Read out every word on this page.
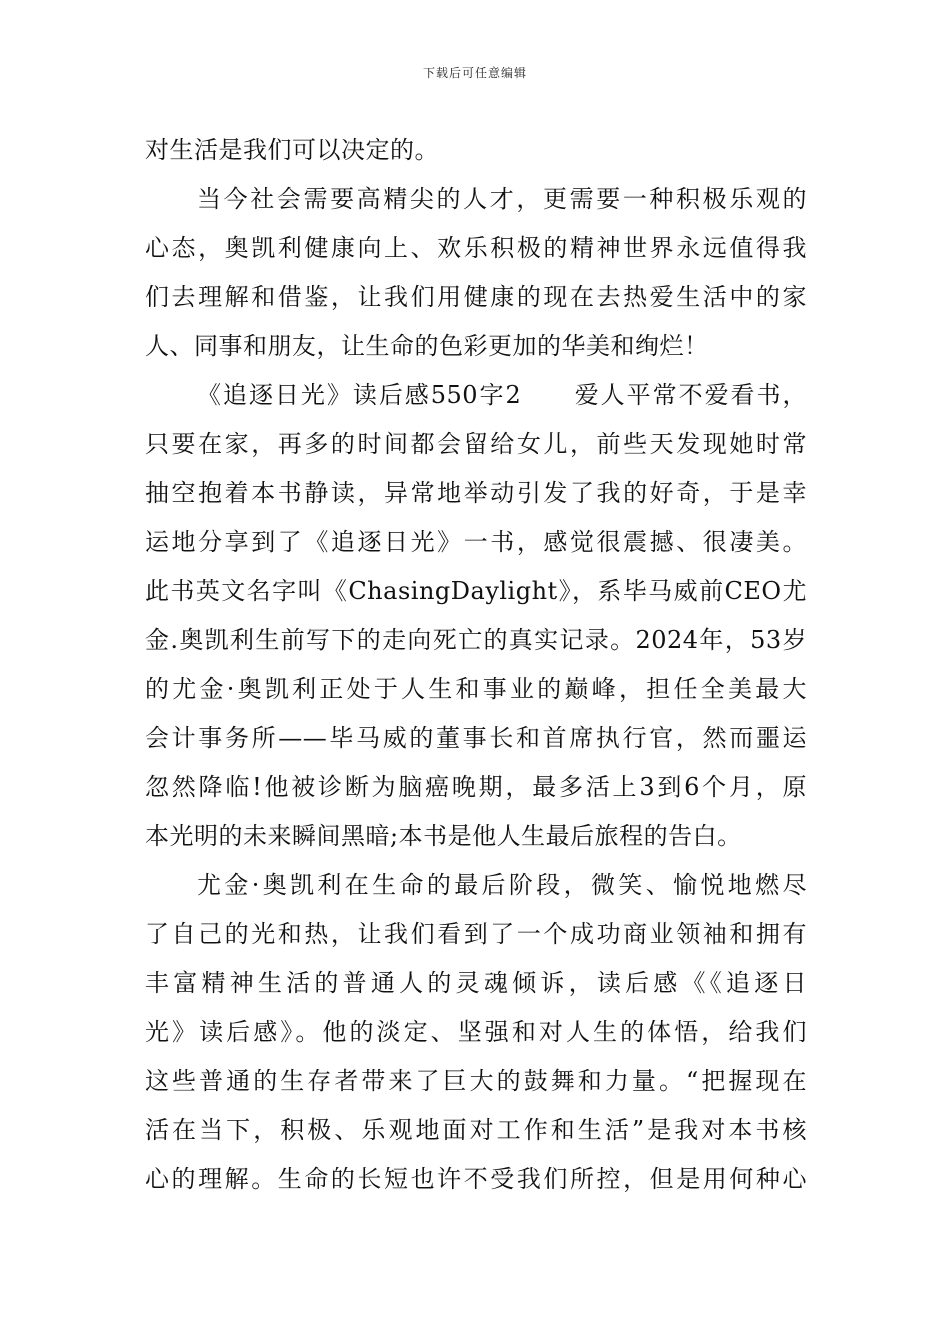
下载后可任意编辑
对生活是我们可以决定的。
当今社会需要高精尖的人才，更需要一种积极乐观的
心态，奥凯利健康向上、欢乐积极的精神世界永远值得我
们去理解和借鉴，让我们用健康的现在去热爱生活中的家
人、同事和朋友，让生命的色彩更加的华美和绚烂！
《追逐日光》读后感550字2　　爱人平常不爱看书，
只要在家，再多的时间都会留给女儿，前些天发现她时常
抽空抱着本书静读，异常地举动引发了我的好奇，于是幸
运地分享到了《追逐日光》一书，感觉很震撼、很凄美。
此书英文名字叫《ChasingDaylight》，系毕马威前CEO尤
金.奥凯利生前写下的走向死亡的真实记录。2024年，53岁
的尤金·奥凯利正处于人生和事业的巅峰，担任全美最大
会计事务所——毕马威的董事长和首席执行官，然而噩运
忽然降临!他被诊断为脑癌晚期，最多活上3到6个月，原
本光明的未来瞬间黑暗;本书是他人生最后旅程的告白。
尤金·奥凯利在生命的最后阶段，微笑、愉悦地燃尽
了自己的光和热，让我们看到了一个成功商业领袖和拥有
丰富精神生活的普通人的灵魂倾诉，读后感《《追逐日
光》读后感》。他的淡定、坚强和对人生的体悟，给我们
这些普通的生存者带来了巨大的鼓舞和力量。“把握现在
活在当下，积极、乐观地面对工作和生活”是我对本书核
心的理解。生命的长短也许不受我们所控，但是用何种心
